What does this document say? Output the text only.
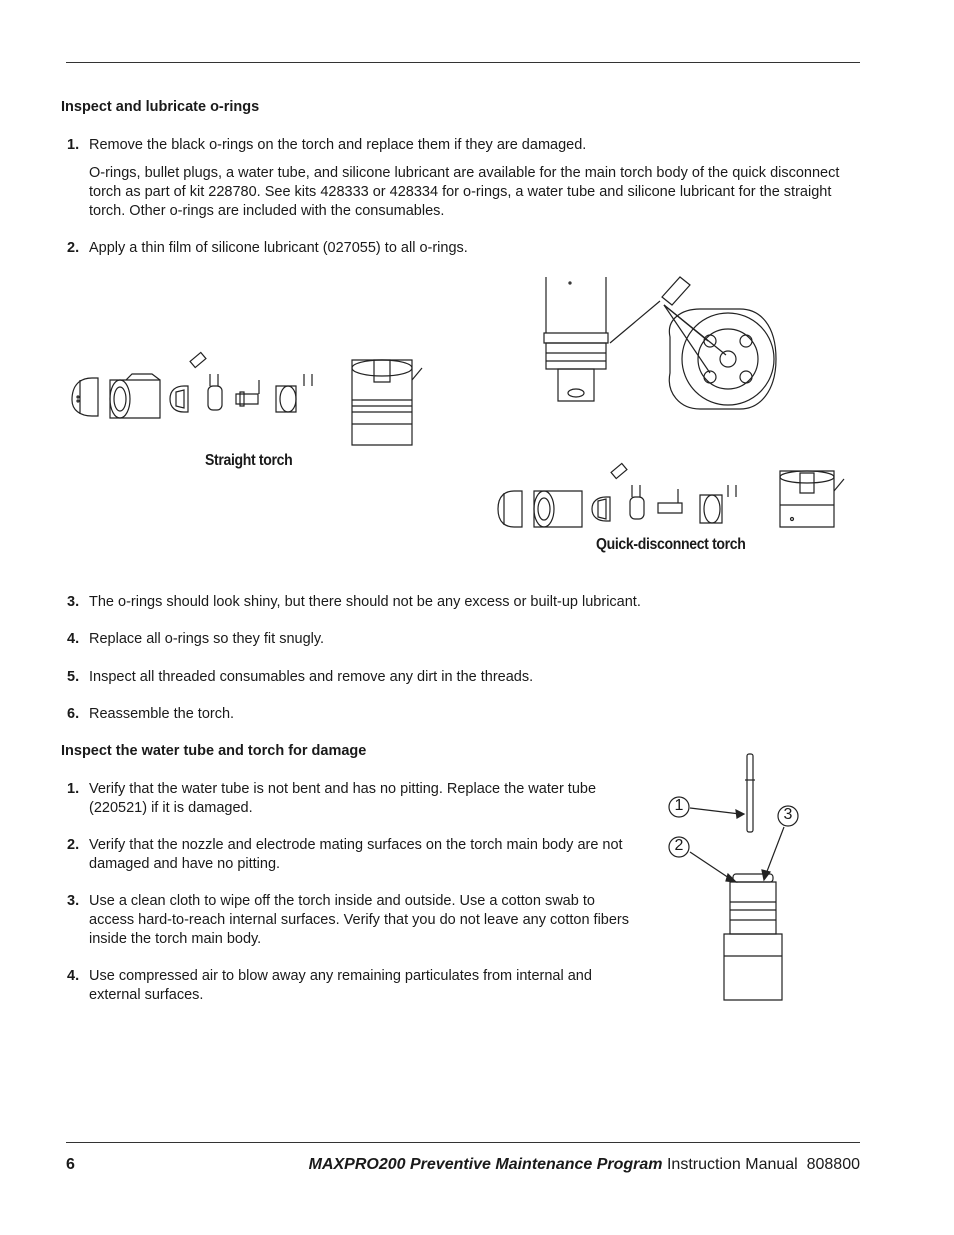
Inspect and lubricate o-rings
1. Remove the black o-rings on the torch and replace them if they are damaged.
O-rings, bullet plugs, a water tube, and silicone lubricant are available for the main torch body of the quick disconnect torch as part of kit 228780. See kits 428333 or 428334 for o-rings, a water tube and silicone lubricant for the straight torch. Other o-rings are included with the consumables.
2. Apply a thin film of silicone lubricant (027055) to all o-rings.
Straight torch
Quick-disconnect torch
3. The o-rings should look shiny, but there should not be any excess or built-up lubricant.
4. Replace all o-rings so they fit snugly.
5. Inspect all threaded consumables and remove any dirt in the threads.
6. Reassemble the torch.
Inspect the water tube and torch for damage
1. Verify that the water tube is not bent and has no pitting. Replace the water tube (220521) if it is damaged.
2. Verify that the nozzle and electrode mating surfaces on the torch main body are not damaged and have no pitting.
3. Use a clean cloth to wipe off the torch inside and outside. Use a cotton swab to access hard-to-reach internal surfaces. Verify that you do not leave any cotton fibers inside the torch main body.
4. Use compressed air to blow away any remaining particulates from internal and external surfaces.
1
2
3
6	MAXPRO200 Preventive Maintenance Program Instruction Manual  808800
